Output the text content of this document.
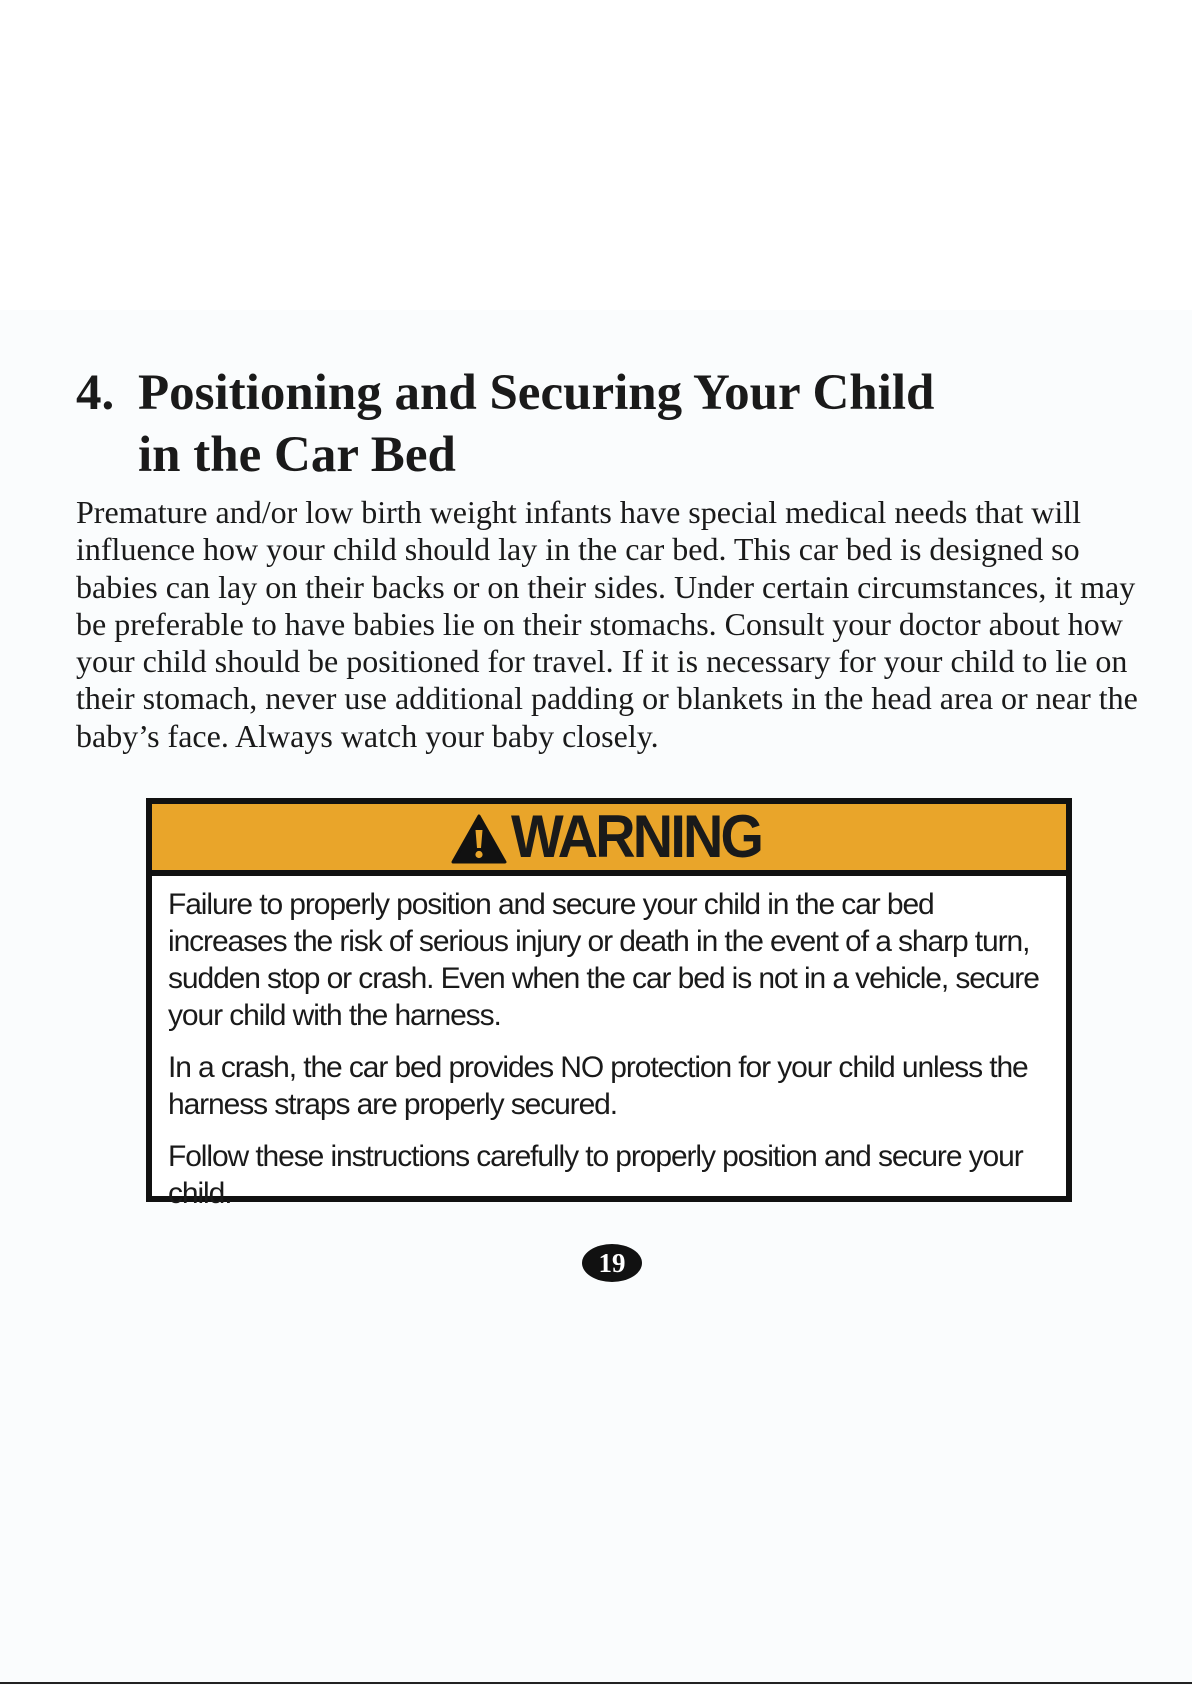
4. Positioning and Securing Your Child
in the Car Bed

Premature and/or low birth weight infants have special medical needs that will influence how your child should lay in the car bed. This car bed is designed so babies can lay on their backs or on their sides. Under certain circumstances, it may be preferable to have babies lie on their stomachs. Consult your doctor about how your child should be positioned for travel. If it is necessary for your child to lie on their stomach, never use additional padding or blankets in the head area or near the baby’s face. Always watch your baby closely.

WARNING

Failure to properly position and secure your child in the car bed increases the risk of serious injury or death in the event of a sharp turn, sudden stop or crash. Even when the car bed is not in a vehicle, secure your child with the harness.

In a crash, the car bed provides NO protection for your child unless the harness straps are properly secured.

Follow these instructions carefully to properly position and secure your child.

19
